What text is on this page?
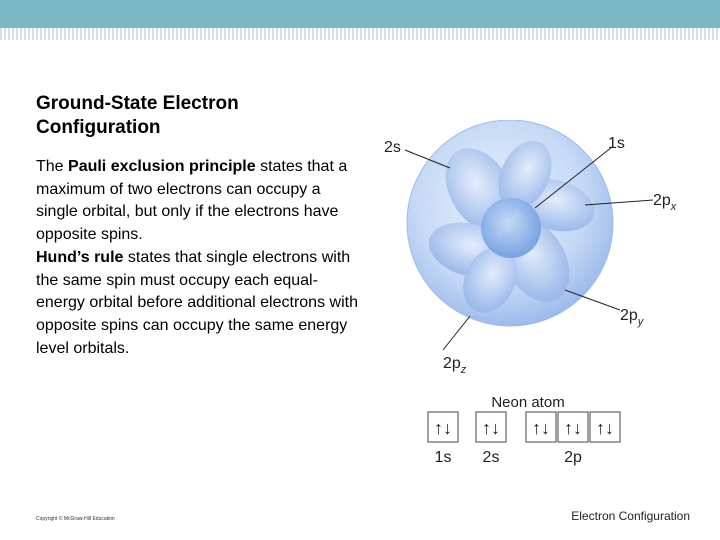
Ground-State Electron Configuration

The Pauli exclusion principle states that a maximum of two electrons can occupy a single orbital, but only if the electrons have opposite spins.

Hund’s rule states that single electrons with the same spin must occupy each equal-energy orbital before additional electrons with opposite spins can occupy the same energy level orbitals.

2s	1s
$2p_x$
$2p_y$
$2p_z$
Neon atom
↑↓ ↑↓ ↑↓ ↑↓ ↑↓
1s 2s	2p
Copyright © McGraw-Hill Education	Electron Configuration
